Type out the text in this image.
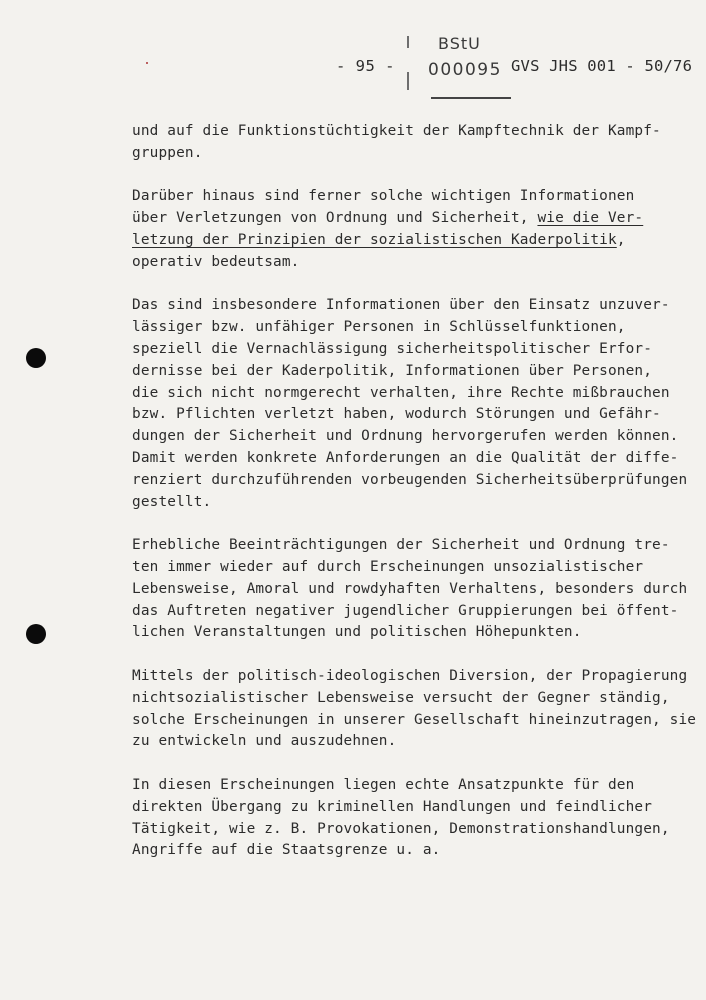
- 95 -
BStU
000095 GVS JHS 001 - 50/76
und auf die Funktionstüchtigkeit der Kampftechnik der Kampf-
gruppen.
Darüber hinaus sind ferner solche wichtigen Informationen
über Verletzungen von Ordnung und Sicherheit, wie die Ver-
letzung der Prinzipien der sozialistischen Kaderpolitik,
operativ bedeutsam.
Das sind insbesondere Informationen über den Einsatz unzuver-
lässiger bzw. unfähiger Personen in Schlüsselfunktionen,
speziell die Vernachlässigung sicherheitspolitischer Erfor-
dernisse bei der Kaderpolitik, Informationen über Personen,
die sich nicht normgerecht verhalten, ihre Rechte mißbrauchen
bzw. Pflichten verletzt haben, wodurch Störungen und Gefähr-
dungen der Sicherheit und Ordnung hervorgerufen werden können.
Damit werden konkrete Anforderungen an die Qualität der diffe-
renziert durchzuführenden vorbeugenden Sicherheitsüberprüfungen
gestellt.
Erhebliche Beeinträchtigungen der Sicherheit und Ordnung tre-
ten immer wieder auf durch Erscheinungen unsozialistischer
Lebensweise, Amoral und rowdyhaften Verhaltens, besonders durch
das Auftreten negativer jugendlicher Gruppierungen bei öffent-
lichen Veranstaltungen und politischen Höhepunkten.
Mittels der politisch-ideologischen Diversion, der Propagierung
nichtsozialistischer Lebensweise versucht der Gegner ständig,
solche Erscheinungen in unserer Gesellschaft hineinzutragen, sie
zu entwickeln und auszudehnen.
In diesen Erscheinungen liegen echte Ansatzpunkte für den
direkten Übergang zu kriminellen Handlungen und feindlicher
Tätigkeit, wie z. B. Provokationen, Demonstrationshandlungen,
Angriffe auf die Staatsgrenze u. a.
